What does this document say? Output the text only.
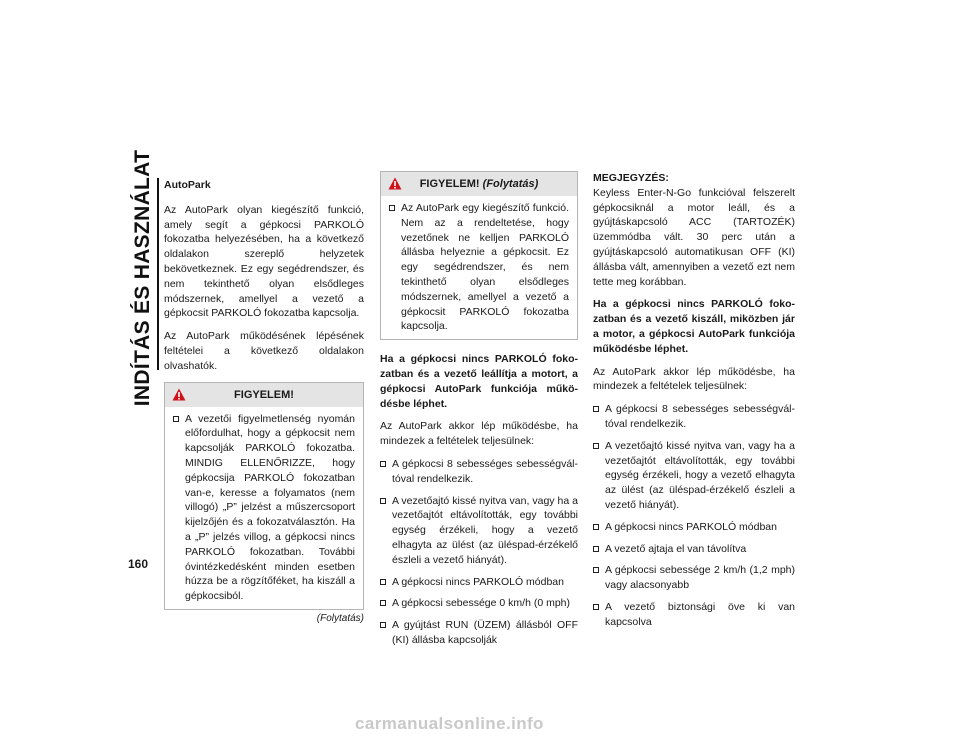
INDÍTÁS ÉS HASZNÁLAT
160

AutoPark

Az AutoPark olyan kiegészítő funkció, amely segít a gépkocsi PARKOLÓ fokozatba helyezésében, ha a következő oldalakon szereplő helyzetek bekövetkeznek. Ez egy segédrendszer, és nem tekinthető olyan elsődleges módszernek, amellyel a vezető a gépkocsit PARKOLÓ fokozatba kapcsolja.

Az AutoPark működésének lépésének feltételei a következő oldalakon olvashatók.

FIGYELEM!
A vezetői figyelmetlenség nyomán előfordulhat, hogy a gépkocsit nem kapcsolják PARKOLÓ fokozatba. MINDIG ELLENŐRIZZE, hogy gépkocsija PARKOLÓ fokozatban van-e, keresse a folyamatos (nem villogó) „P” jelzést a műszercsoport kijelzőjén és a fokozatválasztón. Ha a „P” jelzés villog, a gépkocsi nincs PARKOLÓ fokozatban. További óvintézkedésként minden esetben húzza be a rögzítőféket, ha kiszáll a gépkocsiból.
(Folytatás)
FIGYELEM! (Folytatás)
Az AutoPark egy kiegészítő funkció. Nem az a rendeltetése, hogy vezetőnek ne kelljen PARKOLÓ állásba helyeznie a gépkocsit. Ez egy segédrendszer, és nem tekinthető olyan elsődleges módszernek, amellyel a vezető a gépkocsit PARKOLÓ fokozatba kapcsolja.

Ha a gépkocsi nincs PARKOLÓ fokozatban és a vezető leállítja a motort, a gépkocsi AutoPark funkciója működésbe léphet.

Az AutoPark akkor lép működésbe, ha mindezek a feltételek teljesülnek:

A gépkocsi 8 sebességes sebességváltóval rendelkezik.
A vezetőajtó kissé nyitva van, vagy ha a vezetőajtót eltávolították, egy további egység érzékeli, hogy a vezető elhagyta az ülést (az üléspad-érzékelő észleli a vezető hiányát).
A gépkocsi nincs PARKOLÓ módban
A gépkocsi sebessége 0 km/h (0 mph)
A gyújtást RUN (ÜZEM) állásból OFF (KI) állásba kapcsolják

MEGJEGYZÉS:

Keyless Enter-N-Go funkcióval felszerelt gépkocsiknál a motor leáll, és a gyújtáskapcsoló ACC (TARTOZÉK) üzemmódba vált. 30 perc után a gyújtáskapcsoló automatikusan OFF (KI) állásba vált, amennyiben a vezető ezt nem tette meg korábban.

Ha a gépkocsi nincs PARKOLÓ fokozatban és a vezető kiszáll, miközben jár a motor, a gépkocsi AutoPark funkciója működésbe léphet.

Az AutoPark akkor lép működésbe, ha mindezek a feltételek teljesülnek:

A gépkocsi 8 sebességes sebességváltóval rendelkezik.
A vezetőajtó kissé nyitva van, vagy ha a vezetőajtót eltávolították, egy további egység érzékeli, hogy a vezető elhagyta az ülést (az üléspad-érzékelő észleli a vezető hiányát).
A gépkocsi nincs PARKOLÓ módban
A vezető ajtaja el van távolítva
A gépkocsi sebessége 2 km/h (1,2 mph) vagy alacsonyabb
A vezető biztonsági öve ki van kapcsolva
carmanualsonline.info
